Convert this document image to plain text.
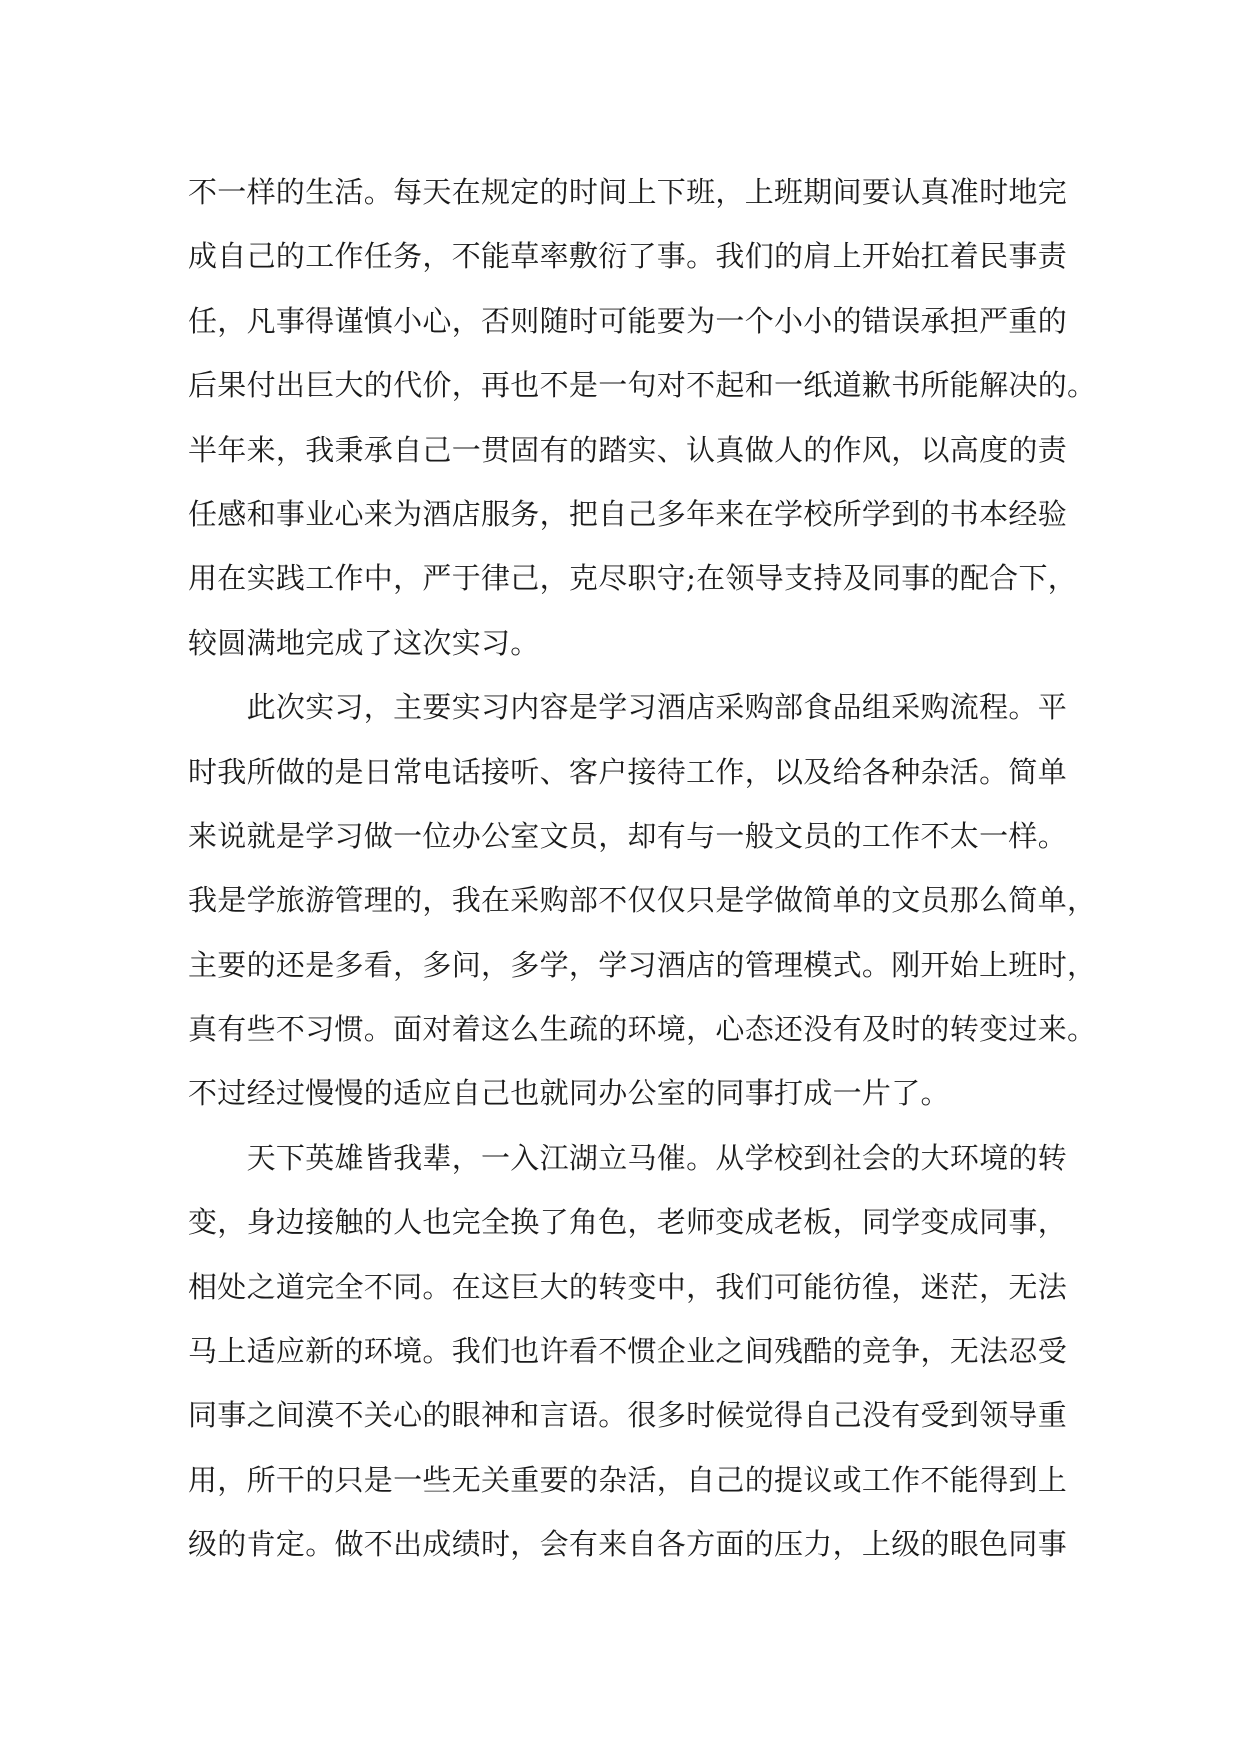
不一样的生活。每天在规定的时间上下班，上班期间要认真准时地完
成自己的工作任务，不能草率敷衍了事。我们的肩上开始扛着民事责
任，凡事得谨慎小心，否则随时可能要为一个小小的错误承担严重的
后果付出巨大的代价，再也不是一句对不起和一纸道歉书所能解决的。
半年来，我秉承自己一贯固有的踏实、认真做人的作风，以高度的责
任感和事业心来为酒店服务，把自己多年来在学校所学到的书本经验
用在实践工作中，严于律己，克尽职守;在领导支持及同事的配合下，
较圆满地完成了这次实习。

　　此次实习，主要实习内容是学习酒店采购部食品组采购流程。平
时我所做的是日常电话接听、客户接待工作，以及给各种杂活。简单
来说就是学习做一位办公室文员，却有与一般文员的工作不太一样。
我是学旅游管理的，我在采购部不仅仅只是学做简单的文员那么简单，
主要的还是多看，多问，多学，学习酒店的管理模式。刚开始上班时，
真有些不习惯。面对着这么生疏的环境，心态还没有及时的转变过来。
不过经过慢慢的适应自己也就同办公室的同事打成一片了。

　　天下英雄皆我辈，一入江湖立马催。从学校到社会的大环境的转
变，身边接触的人也完全换了角色，老师变成老板，同学变成同事，
相处之道完全不同。在这巨大的转变中，我们可能彷徨，迷茫，无法
马上适应新的环境。我们也许看不惯企业之间残酷的竞争，无法忍受
同事之间漠不关心的眼神和言语。很多时候觉得自己没有受到领导重
用，所干的只是一些无关重要的杂活，自己的提议或工作不能得到上
级的肯定。做不出成绩时，会有来自各方面的压力，上级的眼色同事
